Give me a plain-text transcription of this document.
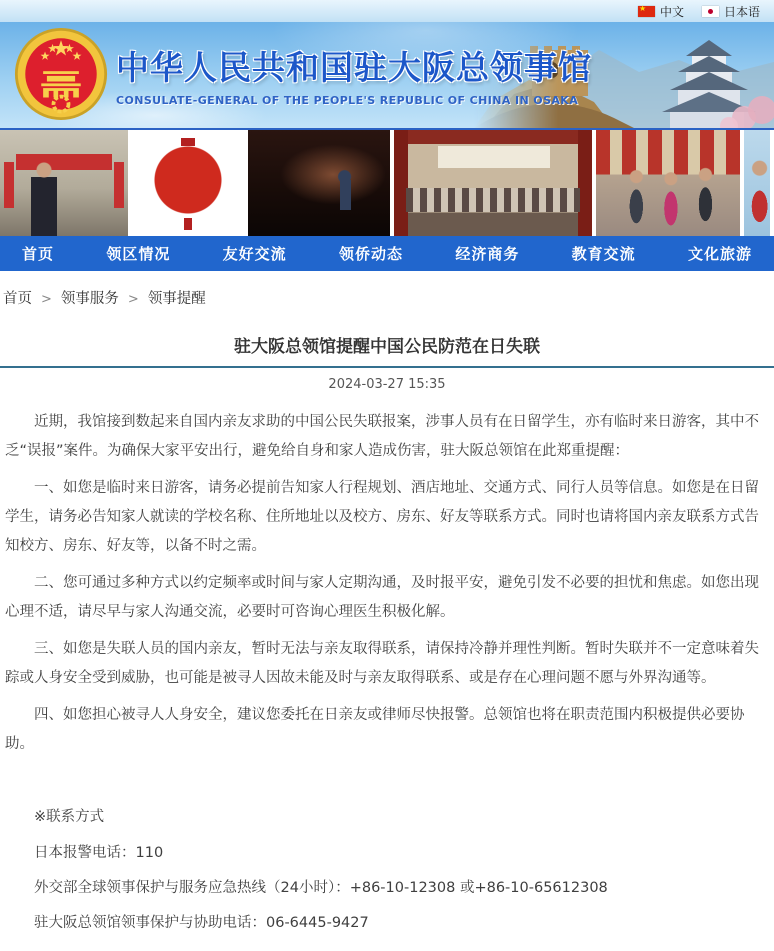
★ 中文	日本语
中华人民共和国驻大阪总领事馆
CONSULATE-GENERAL OF THE PEOPLE'S REPUBLIC OF CHINA IN OSAKA
首页	领区情况	友好交流	领侨动态	经济商务	教育交流	文化旅游
首页 > 领事服务 > 领事提醒
驻大阪总领馆提醒中国公民防范在日失联
2024-03-27 15:35

近期，我馆接到数起来自国内亲友求助的中国公民失联报案，涉事人员有在日留学生，亦有临时来日游客，其中不乏“误报”案件。为确保大家平安出行，避免给自身和家人造成伤害，驻大阪总领馆在此郑重提醒：

一、如您是临时来日游客，请务必提前告知家人行程规划、酒店地址、交通方式、同行人员等信息。如您是在日留学生，请务必告知家人就读的学校名称、住所地址以及校方、房东、好友等联系方式。同时也请将国内亲友联系方式告知校方、房东、好友等，以备不时之需。

二、您可通过多种方式以约定频率或时间与家人定期沟通，及时报平安，避免引发不必要的担忧和焦虑。如您出现心理不适，请尽早与家人沟通交流，必要时可咨询心理医生积极化解。

三、如您是失联人员的国内亲友，暂时无法与亲友取得联系，请保持冷静并理性判断。暂时失联并不一定意味着失踪或人身安全受到威胁，也可能是被寻人因故未能及时与亲友取得联系、或是存在心理问题不愿与外界沟通等。

四、如您担心被寻人人身安全，建议您委托在日亲友或律师尽快报警。总领馆也将在职责范围内积极提供必要协助。

※联系方式

日本报警电话：110

外交部全球领事保护与服务应急热线（24小时）：+86-10-12308 或+86-10-65612308

驻大阪总领馆领事保护与协助电话：06-6445-9427
